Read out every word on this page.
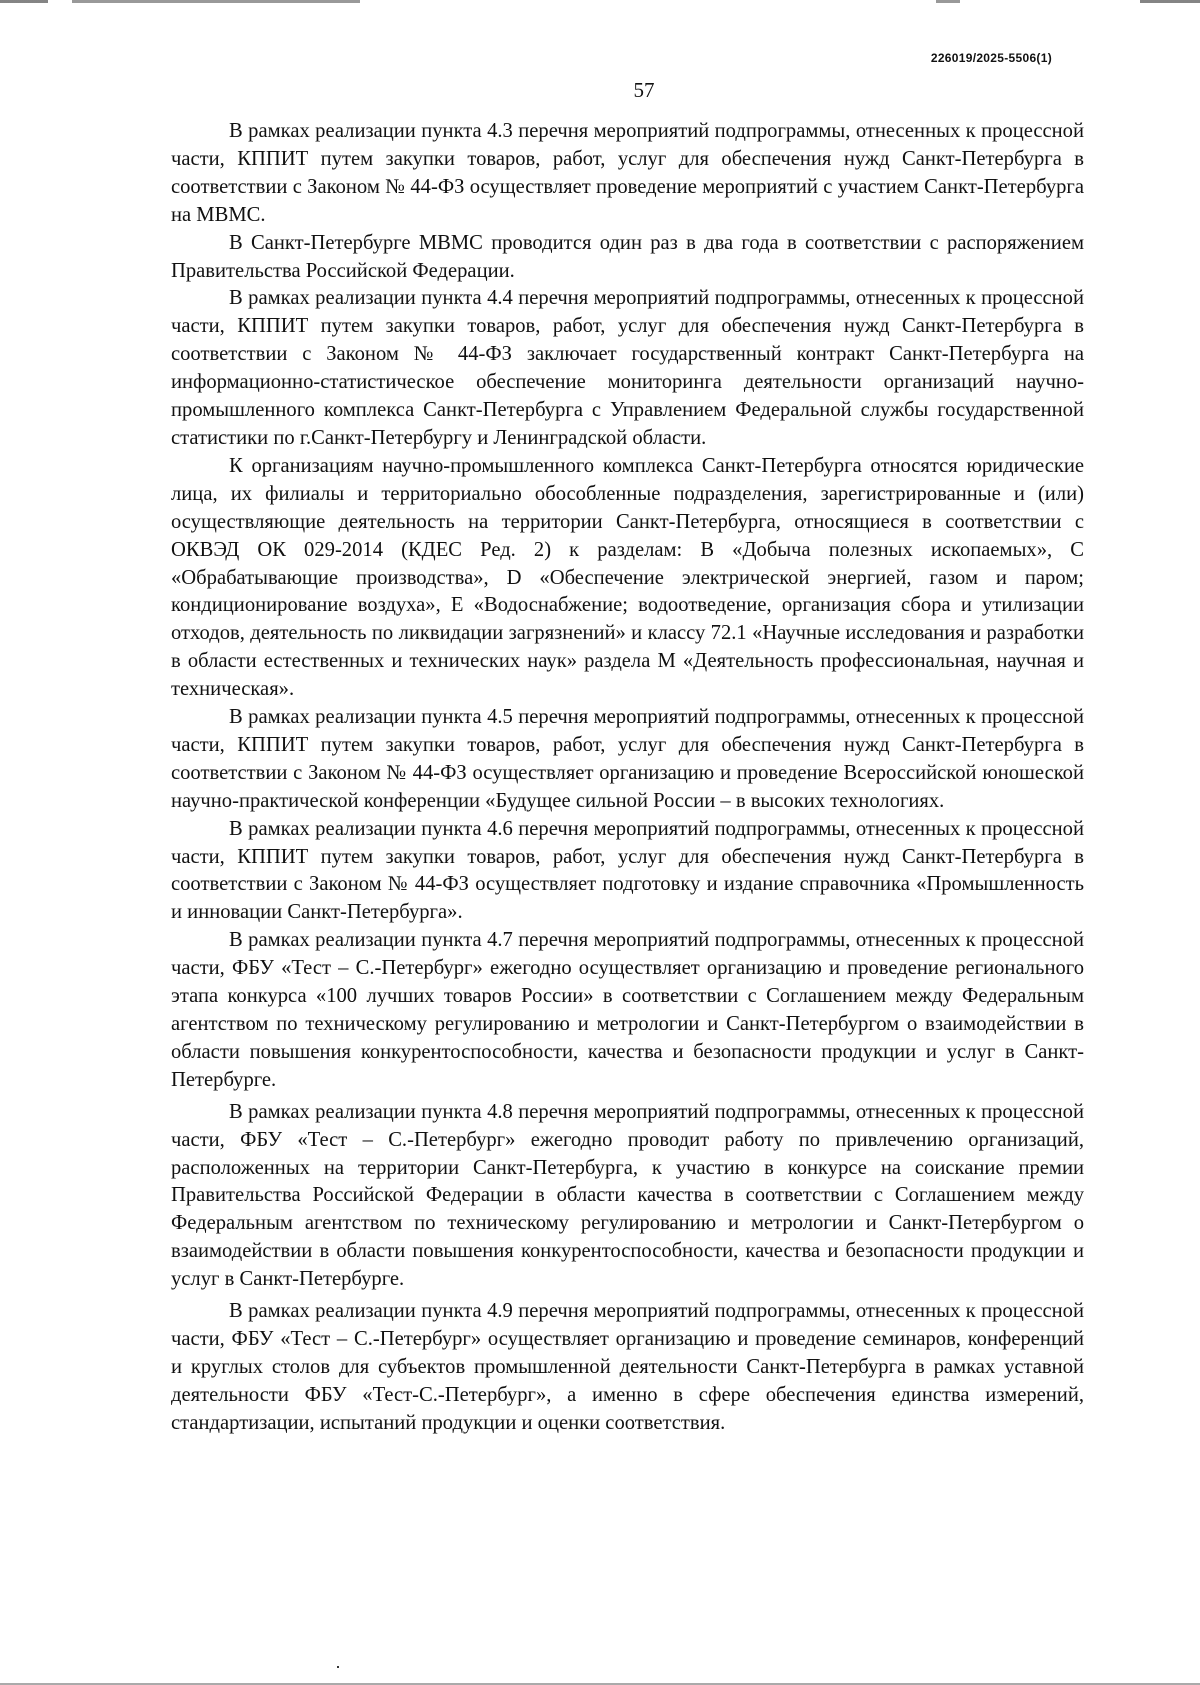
226019/2025-5506(1)
57

В рамках реализации пункта 4.3 перечня мероприятий подпрограммы, отнесенных к процессной части, КППИТ путем закупки товаров, работ, услуг для обеспечения нужд Санкт-Петербурга в соответствии с Законом № 44-ФЗ осуществляет проведение мероприятий с участием Санкт-Петербурга на МВМС.

В Санкт-Петербурге МВМС проводится один раз в два года в соответствии с распоряжением Правительства Российской Федерации.

В рамках реализации пункта 4.4 перечня мероприятий подпрограммы, отнесенных к процессной части, КППИТ путем закупки товаров, работ, услуг для обеспечения нужд Санкт-Петербурга в соответствии с Законом № 44-ФЗ заключает государственный контракт Санкт-Петербурга на информационно-статистическое обеспечение мониторинга деятельности организаций научно-промышленного комплекса Санкт-Петербурга с Управлением Федеральной службы государственной статистики по г.Санкт-Петербургу и Ленинградской области.

К организациям научно-промышленного комплекса Санкт-Петербурга относятся юридические лица, их филиалы и территориально обособленные подразделения, зарегистрированные и (или) осуществляющие деятельность на территории Санкт-Петербурга, относящиеся в соответствии с ОКВЭД ОК 029-2014 (КДЕС Ред. 2) к разделам: В «Добыча полезных ископаемых», С «Обрабатывающие производства», D «Обеспечение электрической энергией, газом и паром; кондиционирование воздуха», Е «Водоснабжение; водоотведение, организация сбора и утилизации отходов, деятельность по ликвидации загрязнений» и классу 72.1 «Научные исследования и разработки в области естественных и технических наук» раздела М «Деятельность профессиональная, научная и техническая».

В рамках реализации пункта 4.5 перечня мероприятий подпрограммы, отнесенных к процессной части, КППИТ путем закупки товаров, работ, услуг для обеспечения нужд Санкт-Петербурга в соответствии с Законом № 44-ФЗ осуществляет организацию и проведение Всероссийской юношеской научно-практической конференции «Будущее сильной России – в высоких технологиях.

В рамках реализации пункта 4.6 перечня мероприятий подпрограммы, отнесенных к процессной части, КППИТ путем закупки товаров, работ, услуг для обеспечения нужд Санкт-Петербурга в соответствии с Законом № 44-ФЗ осуществляет подготовку и издание справочника «Промышленность и инновации Санкт-Петербурга».

В рамках реализации пункта 4.7 перечня мероприятий подпрограммы, отнесенных к процессной части, ФБУ «Тест – С.-Петербург» ежегодно осуществляет организацию и проведение регионального этапа конкурса «100 лучших товаров России» в соответствии с Соглашением между Федеральным агентством по техническому регулированию и метрологии и Санкт-Петербургом о взаимодействии в области повышения конкурентоспособности, качества и безопасности продукции и услуг в Санкт-Петербурге.

В рамках реализации пункта 4.8 перечня мероприятий подпрограммы, отнесенных к процессной части, ФБУ «Тест – С.-Петербург» ежегодно проводит работу по привлечению организаций, расположенных на территории Санкт-Петербурга, к участию в конкурсе на соискание премии Правительства Российской Федерации в области качества в соответствии с Соглашением между Федеральным агентством по техническому регулированию и метрологии и Санкт-Петербургом о взаимодействии в области повышения конкурентоспособности, качества и безопасности продукции и услуг в Санкт-Петербурге.

В рамках реализации пункта 4.9 перечня мероприятий подпрограммы, отнесенных к процессной части, ФБУ «Тест – С.-Петербург» осуществляет организацию и проведение семинаров, конференций и круглых столов для субъектов промышленной деятельности Санкт-Петербурга в рамках уставной деятельности ФБУ «Тест-С.-Петербург», а именно в сфере обеспечения единства измерений, стандартизации, испытаний продукции и оценки соответствия.
